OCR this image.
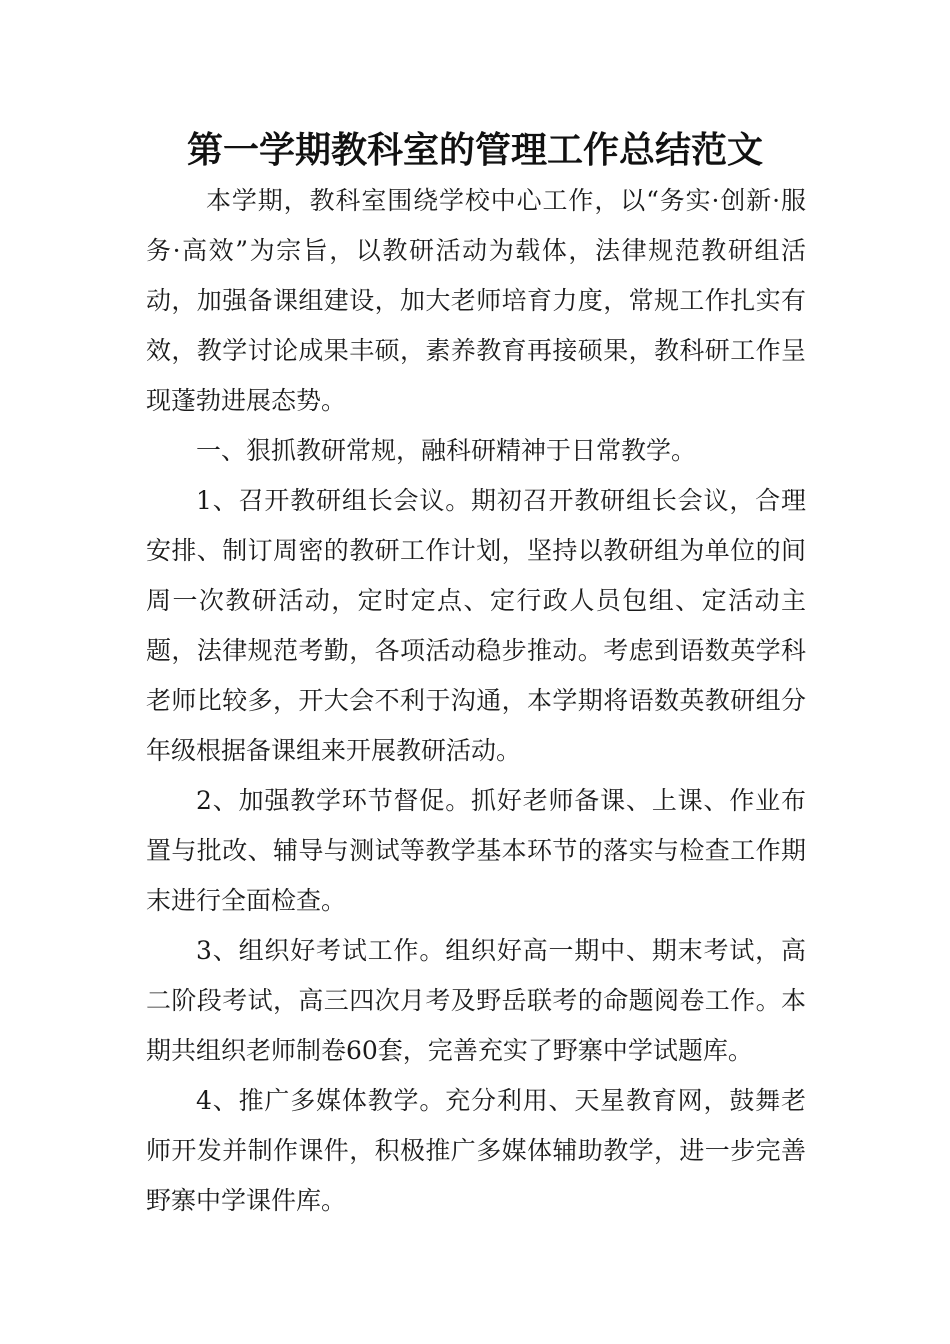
第一学期教科室的管理工作总结范文

本学期，教科室围绕学校中心工作，以“务实·创新·服务·高效”为宗旨，以教研活动为载体，法律规范教研组活动，加强备课组建设，加大老师培育力度，常规工作扎实有效，教学讨论成果丰硕，素养教育再接硕果，教科研工作呈现蓬勃进展态势。

一、狠抓教研常规，融科研精神于日常教学。

1、召开教研组长会议。期初召开教研组长会议，合理安排、制订周密的教研工作计划，坚持以教研组为单位的间周一次教研活动，定时定点、定行政人员包组、定活动主题，法律规范考勤，各项活动稳步推动。考虑到语数英学科老师比较多，开大会不利于沟通，本学期将语数英教研组分年级根据备课组来开展教研活动。

2、加强教学环节督促。抓好老师备课、上课、作业布置与批改、辅导与测试等教学基本环节的落实与检查工作期末进行全面检查。

3、组织好考试工作。组织好高一期中、期末考试，高二阶段考试，高三四次月考及野岳联考的命题阅卷工作。本期共组织老师制卷60套，完善充实了野寨中学试题库。

4、推广多媒体教学。充分利用、天星教育网，鼓舞老师开发并制作课件，积极推广多媒体辅助教学，进一步完善野寨中学课件库。
